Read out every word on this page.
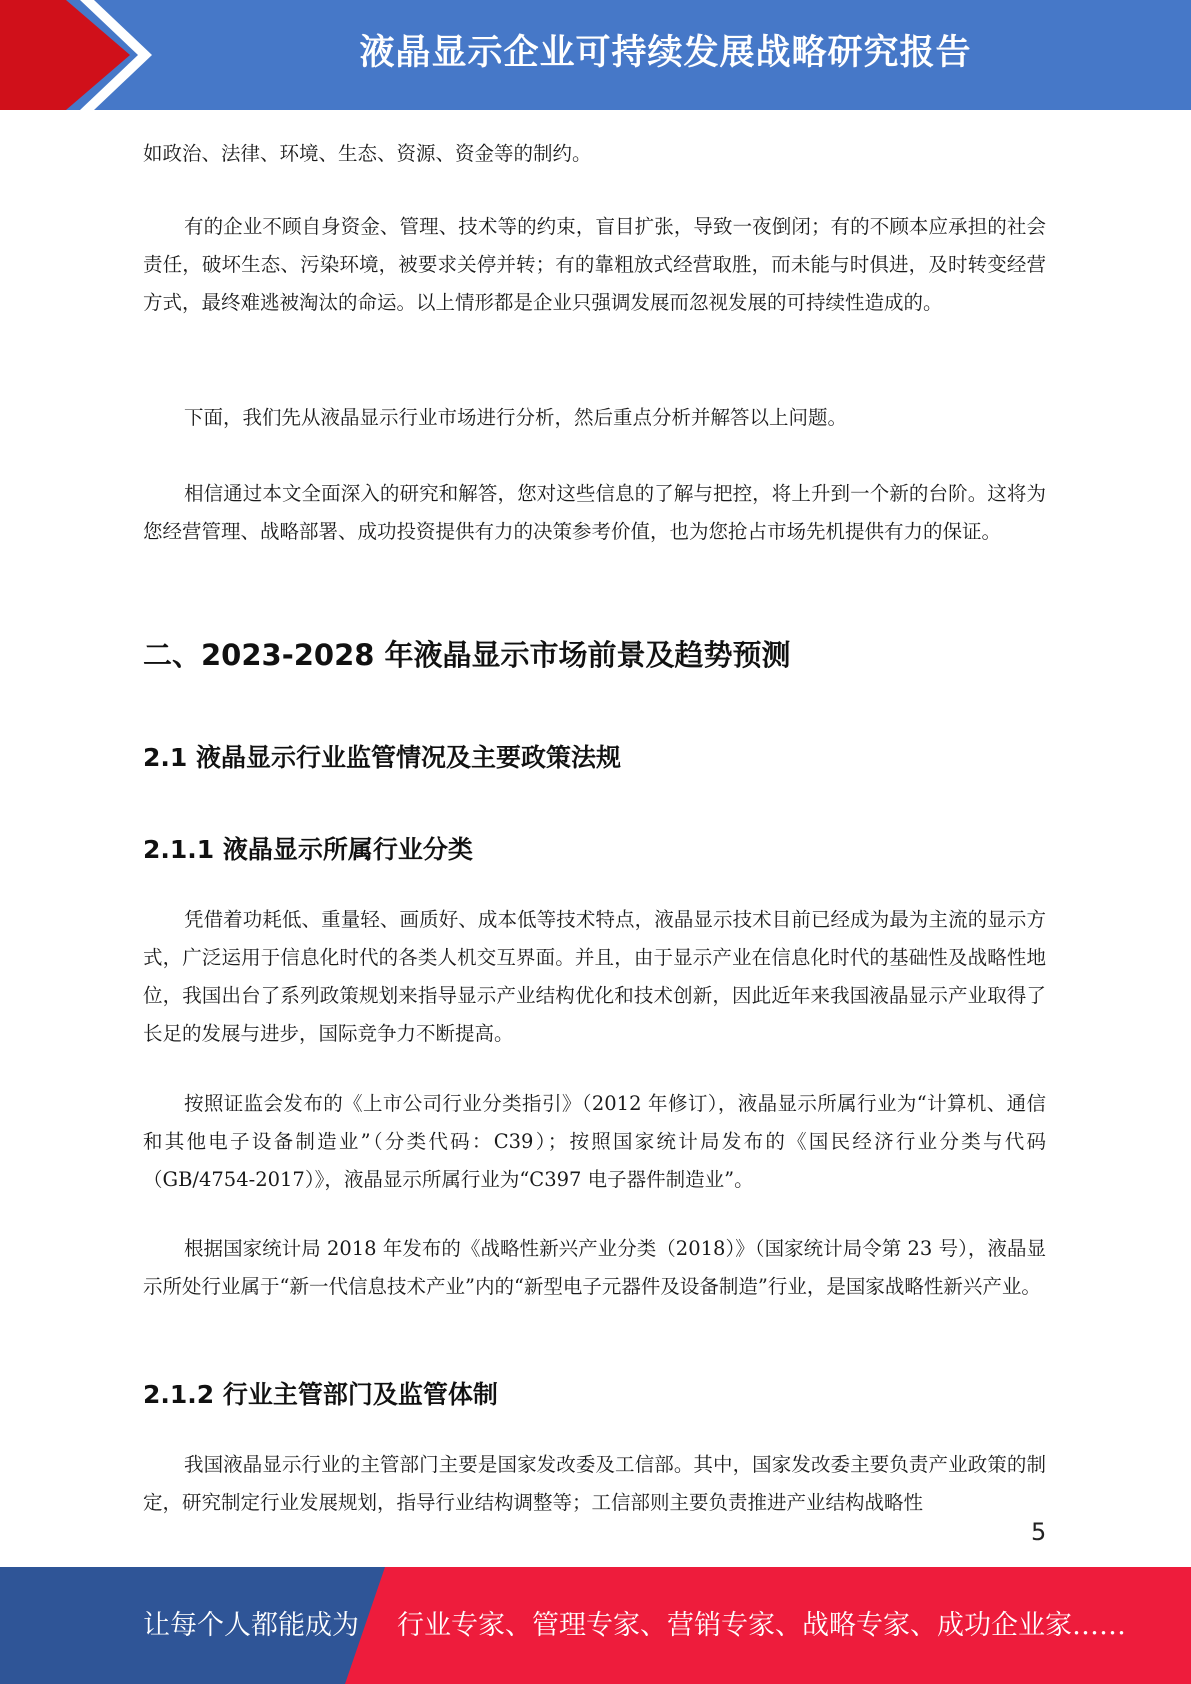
液晶显示企业可持续发展战略研究报告

如政治、法律、环境、生态、资源、资金等的制约。

有的企业不顾自身资金、管理、技术等的约束，盲目扩张，导致一夜倒闭；有的不顾本应承担的社会责任，破坏生态、污染环境，被要求关停并转；有的靠粗放式经营取胜，而未能与时俱进，及时转变经营方式，最终难逃被淘汰的命运。以上情形都是企业只强调发展而忽视发展的可持续性造成的。

下面，我们先从液晶显示行业市场进行分析，然后重点分析并解答以上问题。

相信通过本文全面深入的研究和解答，您对这些信息的了解与把控，将上升到一个新的台阶。这将为您经营管理、战略部署、成功投资提供有力的决策参考价值，也为您抢占市场先机提供有力的保证。

二、2023-2028 年液晶显示市场前景及趋势预测
2.1 液晶显示行业监管情况及主要政策法规
2.1.1 液晶显示所属行业分类

凭借着功耗低、重量轻、画质好、成本低等技术特点，液晶显示技术目前已经成为最为主流的显示方式，广泛运用于信息化时代的各类人机交互界面。并且，由于显示产业在信息化时代的基础性及战略性地位，我国出台了系列政策规划来指导显示产业结构优化和技术创新，因此近年来我国液晶显示产业取得了长足的发展与进步，国际竞争力不断提高。

按照证监会发布的《上市公司行业分类指引》（2012 年修订），液晶显示所属行业为“计算机、通信和其他电子设备制造业”（分类代码：C39）；按照国家统计局发布的《国民经济行业分类与代码（GB/4754-2017）》，液晶显示所属行业为“C397 电子器件制造业”。

根据国家统计局 2018 年发布的《战略性新兴产业分类（2018）》（国家统计局令第 23 号），液晶显示所处行业属于“新一代信息技术产业”内的“新型电子元器件及设备制造”行业，是国家战略性新兴产业。

2.1.2 行业主管部门及监管体制

我国液晶显示行业的主管部门主要是国家发改委及工信部。其中，国家发改委主要负责产业政策的制定，研究制定行业发展规划，指导行业结构调整等；工信部则主要负责推进产业结构战略性

5
让每个人都能成为 行业专家、管理专家、营销专家、战略专家、成功企业家……
